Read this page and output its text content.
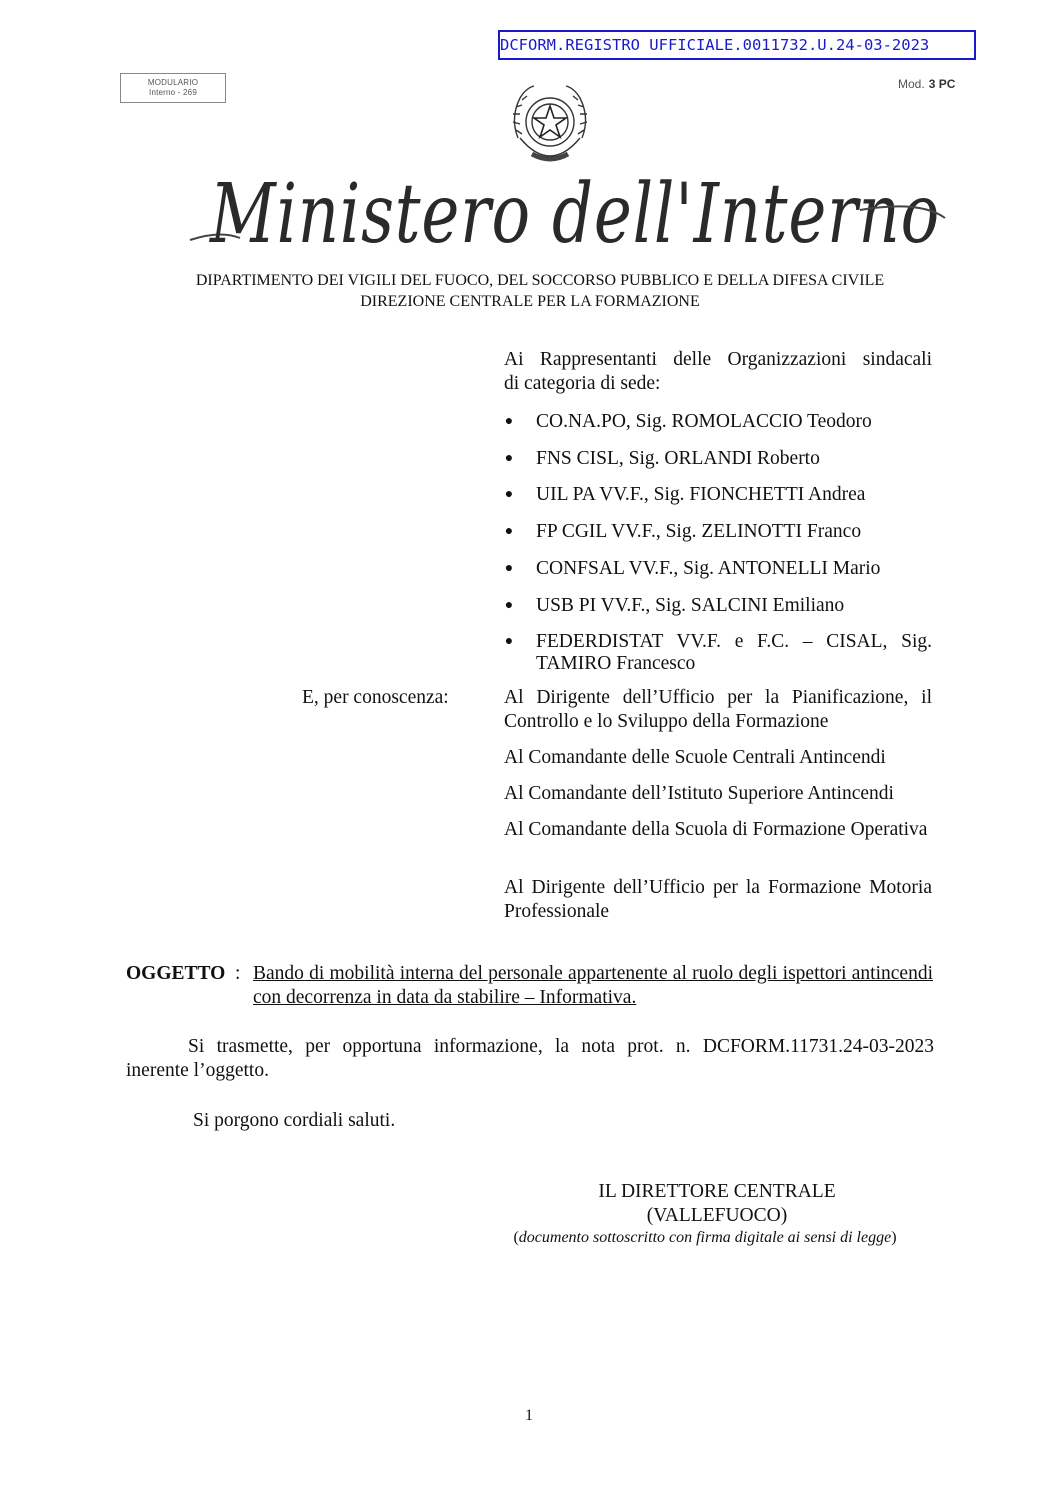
DCFORM.REGISTRO UFFICIALE.0011732.U.24-03-2023
MODULARIO
Interno - 269
Mod. 3 PC
Ministero dell'Interno
DIPARTIMENTO DEI VIGILI DEL FUOCO, DEL SOCCORSO PUBBLICO E DELLA DIFESA CIVILE
DIREZIONE CENTRALE PER LA FORMAZIONE
Ai Rappresentanti delle Organizzazioni sindacali
di categoria di sede:
● CO.NA.PO, Sig. ROMOLACCIO Teodoro
● FNS CISL, Sig. ORLANDI Roberto
● UIL PA VV.F., Sig. FIONCHETTI Andrea
● FP CGIL VV.F., Sig. ZELINOTTI Franco
● CONFSAL VV.F., Sig. ANTONELLI Mario
● USB PI VV.F., Sig. SALCINI Emiliano
● FEDERDISTAT VV.F. e F.C. – CISAL, Sig. TAMIRO Francesco
E, per conoscenza:	Al Dirigente dell’Ufficio per la Pianificazione, il Controllo e lo Sviluppo della Formazione
Al Comandante delle Scuole Centrali Antincendi
Al Comandante dell’Istituto Superiore Antincendi
Al Comandante della Scuola di Formazione Operativa
Al Dirigente dell’Ufficio per la Formazione Motoria Professionale
OGGETTO : Bando di mobilità interna del personale appartenente al ruolo degli ispettori antincendi con decorrenza in data da stabilire – Informativa.
Si trasmette, per opportuna informazione, la nota prot. n. DCFORM.11731.24-03-2023 inerente l’oggetto.
Si porgono cordiali saluti.
IL DIRETTORE CENTRALE
(VALLEFUOCO)
(documento sottoscritto con firma digitale ai sensi di legge)
1
